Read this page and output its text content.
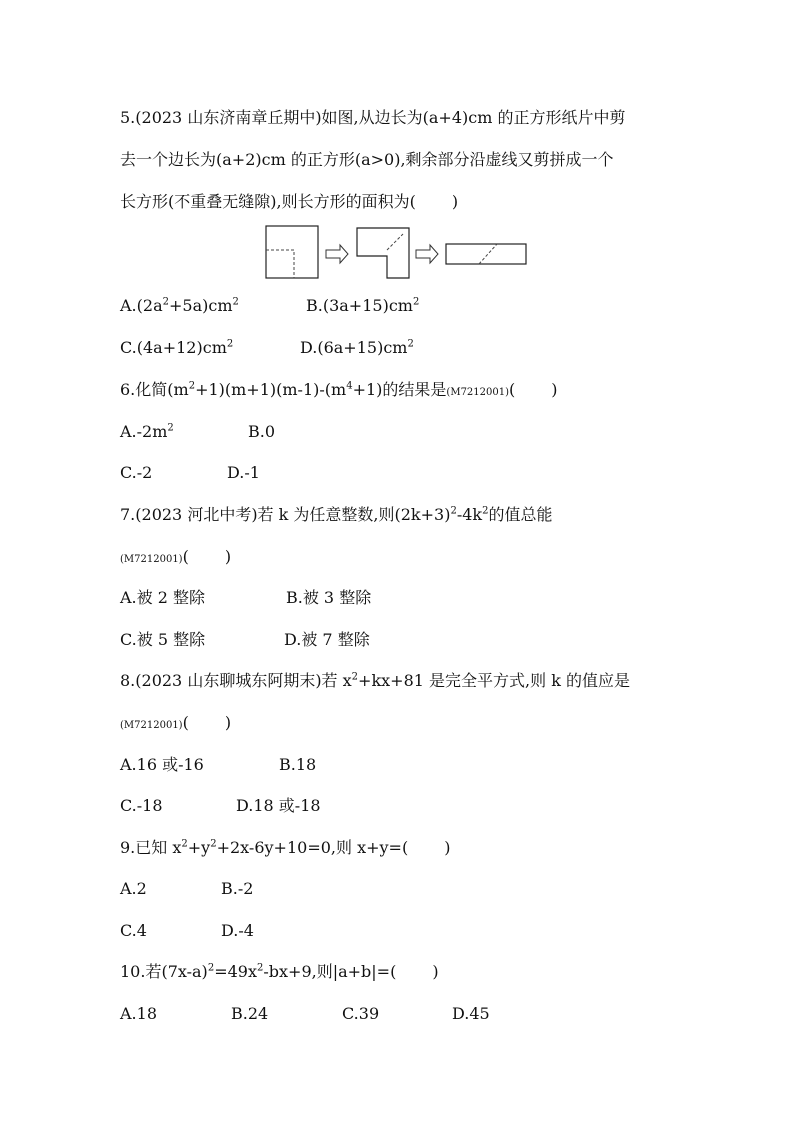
5.(2023 山东济南章丘期中)如图,从边长为(a+4)cm 的正方形纸片中剪
去一个边长为(a+2)cm 的正方形(a>0),剩余部分沿虚线又剪拼成一个
长方形(不重叠无缝隙),则长方形的面积为( )
$A.(2a^2+5a)cm^2$	$B.(3a+15)cm^2$
$C.(4a+12)cm^2$	$D.(6a+15)cm^2$
6.化简$(m^2+1)(m+1)(m-1)-(m^4+1)$的结果是(M7212001)( )
$A.-2m^2$	B.0
C.-2	D.-1
7.(2023 河北中考)若 k 为任意整数,则$(2k+3)^2-4k^2$的值总能
(M7212001)( )
A.被 2 整除	B.被 3 整除
C.被 5 整除	D.被 7 整除
8.(2023 山东聊城东阿期末)若 $x^2+kx+81$ 是完全平方式,则 k 的值应是
(M7212001)( )
A.16 或-16	B.18
C.-18	D.18 或-18
9.已知 $x^2+y^2+2x-6y+10=0$,则 x+y=( )
A.2	B.-2
C.4	D.-4
10.若$(7x-a)^2=49x^2-bx+9$,则|a+b|=( )
A.18	B.24	C.39	D.45
